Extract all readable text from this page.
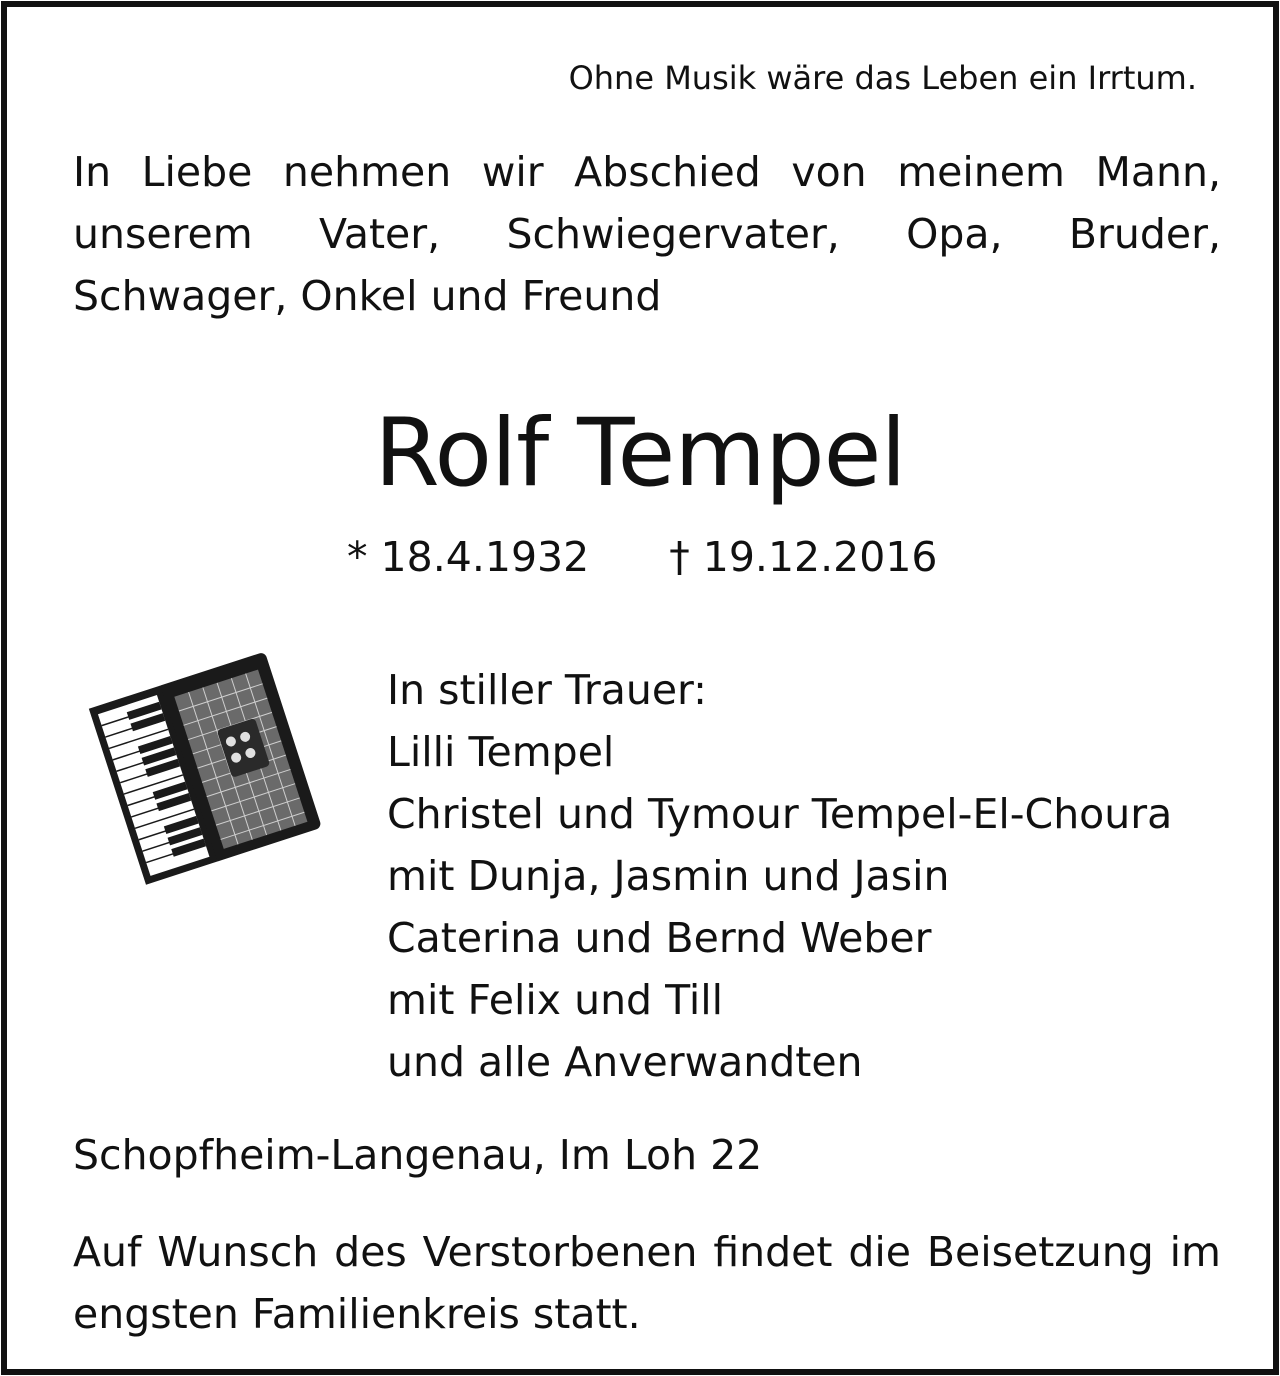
Ohne Musik wäre das Leben ein Irrtum.
In Liebe nehmen wir Abschied von meinem Mann, unserem Vater, Schwiegervater, Opa, Bruder, Schwager, Onkel und Freund
Rolf Tempel
* 18.4.1932 † 19.12.2016
In stiller Trauer:
Lilli Tempel
Christel und Tymour Tempel-El-Choura
mit Dunja, Jasmin und Jasin
Caterina und Bernd Weber
mit Felix und Till
und alle Anverwandten
Schopfheim-Langenau, Im Loh 22
Auf Wunsch des Verstorbenen findet die Beisetzung im engsten Familienkreis statt.
